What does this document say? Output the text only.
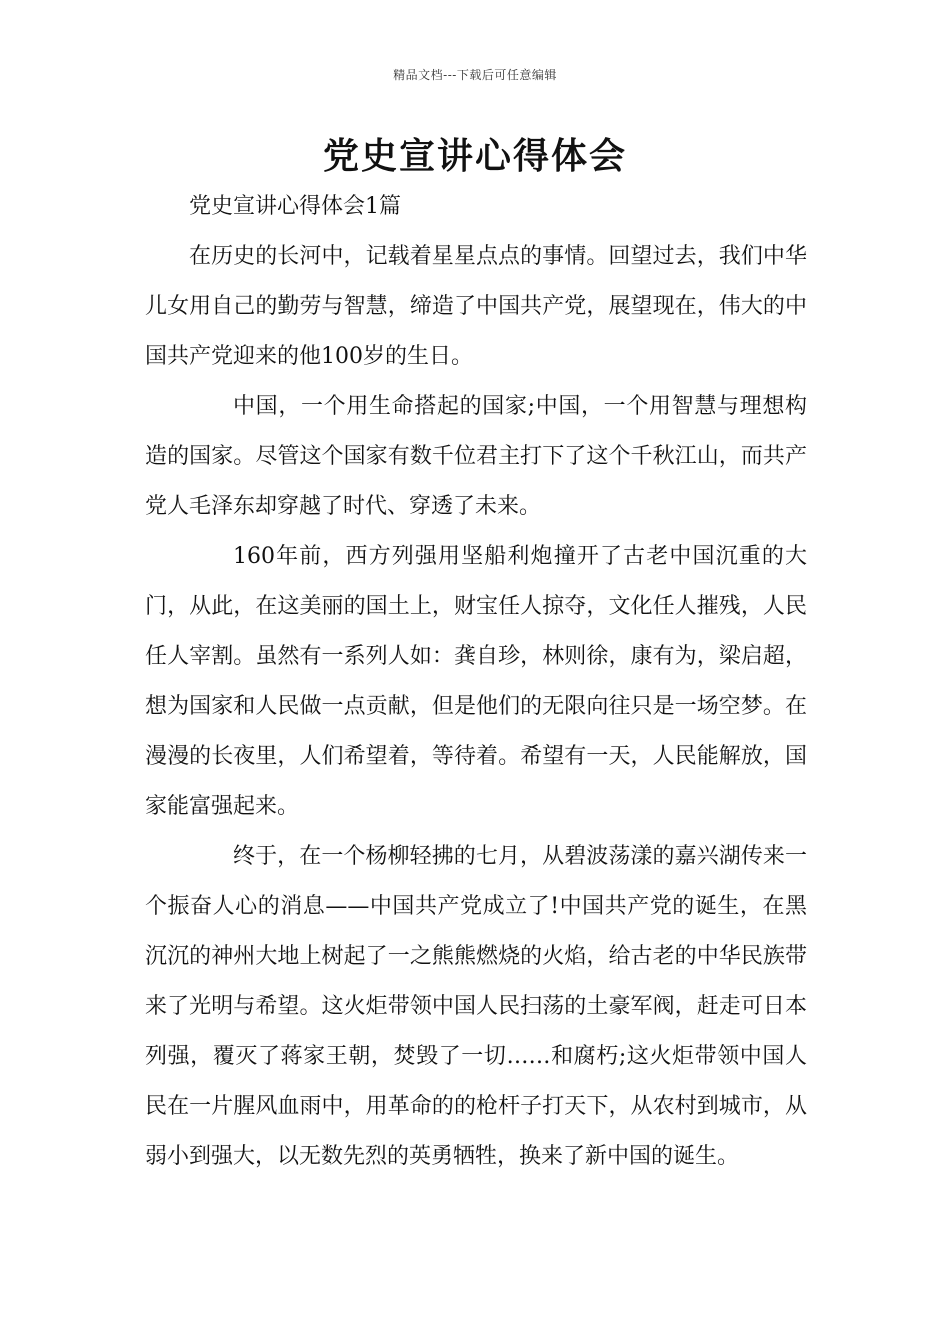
精品文档---下载后可任意编辑
党史宣讲心得体会

党史宣讲心得体会1篇

在历史的长河中，记载着星星点点的事情。回望过去，我们中华儿女用自己的勤劳与智慧，缔造了中国共产党，展望现在，伟大的中国共产党迎来的他100岁的生日。

中国，一个用生命搭起的国家;中国，一个用智慧与理想构造的国家。尽管这个国家有数千位君主打下了这个千秋江山，而共产党人毛泽东却穿越了时代、穿透了未来。

160年前，西方列强用坚船利炮撞开了古老中国沉重的大门，从此，在这美丽的国土上，财宝任人掠夺，文化任人摧残，人民任人宰割。虽然有一系列人如：龚自珍，林则徐，康有为，梁启超，想为国家和人民做一点贡献，但是他们的无限向往只是一场空梦。在漫漫的长夜里，人们希望着，等待着。希望有一天，人民能解放，国家能富强起来。

终于，在一个杨柳轻拂的七月，从碧波荡漾的嘉兴湖传来一个振奋人心的消息——中国共产党成立了!中国共产党的诞生，在黑沉沉的神州大地上树起了一之熊熊燃烧的火焰，给古老的中华民族带来了光明与希望。这火炬带领中国人民扫荡的土豪军阀，赶走可日本列强，覆灭了蒋家王朝，焚毁了一切……和腐朽;这火炬带领中国人民在一片腥风血雨中，用革命的的枪杆子打天下，从农村到城市，从弱小到强大，以无数先烈的英勇牺牲，换来了新中国的诞生。
